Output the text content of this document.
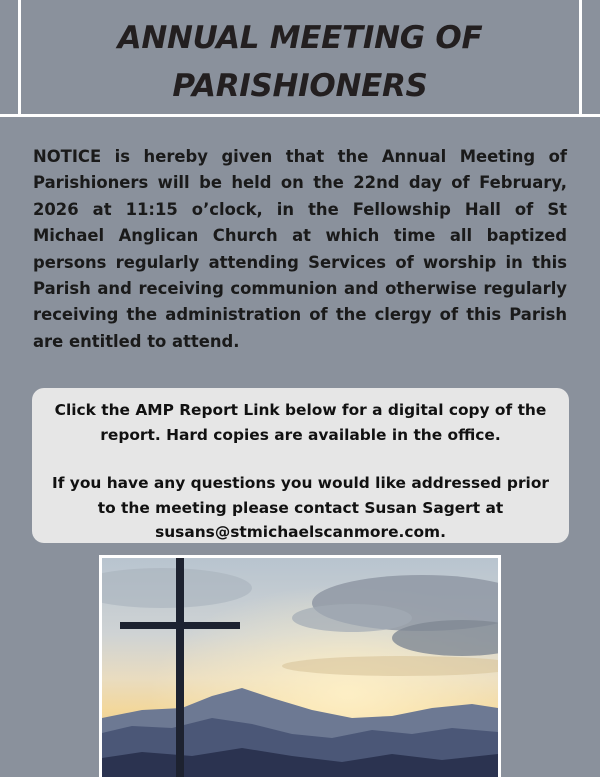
ANNUAL MEETING OF
PARISHIONERS

NOTICE is hereby given that the Annual Meeting of Parishioners will be held on the 22nd day of February, 2026 at 11:15 o’clock, in the Fellowship Hall of St Michael Anglican Church at which time all baptized persons regularly attending Services of worship in this Parish and receiving communion and otherwise regularly receiving the administration of the clergy of this Parish are entitled to attend.

Click the AMP Report Link below for a digital copy of the

report. Hard copies are available in the office.

If you have any questions you would like addressed prior

to the meeting please contact Susan Sagert at

susans@stmichaelscanmore.com.
